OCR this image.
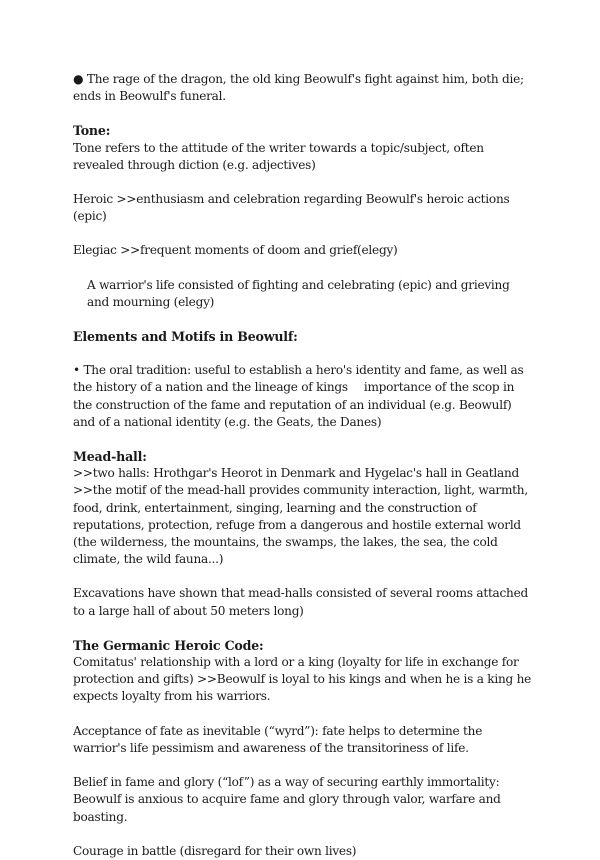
● The rage of the dragon, the old king Beowulf's fight against him, both die; ends in Beowulf's funeral.

Tone:

Tone refers to the attitude of the writer towards a topic/subject, often revealed through diction (e.g. adjectives)

Heroic >>enthusiasm and celebration regarding Beowulf's heroic actions (epic)

Elegiac >>frequent moments of doom and grief(elegy)

A warrior's life consisted of fighting and celebrating (epic) and grieving and mourning (elegy)

Elements and Motifs in Beowulf:

• The oral tradition: useful to establish a hero's identity and fame, as well as the history of a nation and the lineage of kings importance of the scop in the construction of the fame and reputation of an individual (e.g. Beowulf) and of a national identity (e.g. the Geats, the Danes)

Mead-hall:

>>two halls: Hrothgar's Heorot in Denmark and Hygelac's hall in Geatland

>>the motif of the mead-hall provides community interaction, light, warmth, food, drink, entertainment, singing, learning and the construction of reputations, protection, refuge from a dangerous and hostile external world (the wilderness, the mountains, the swamps, the lakes, the sea, the cold climate, the wild fauna...)

Excavations have shown that mead-halls consisted of several rooms attached to a large hall of about 50 meters long)

The Germanic Heroic Code:

Comitatus' relationship with a lord or a king (loyalty for life in exchange for protection and gifts) >>Beowulf is loyal to his kings and when he is a king he expects loyalty from his warriors.

Acceptance of fate as inevitable (“wyrd”): fate helps to determine the warrior's life pessimism and awareness of the transitoriness of life.

Belief in fame and glory (“lof”) as a way of securing earthly immortality: Beowulf is anxious to acquire fame and glory through valor, warfare and boasting.

Courage in battle (disregard for their own lives)
